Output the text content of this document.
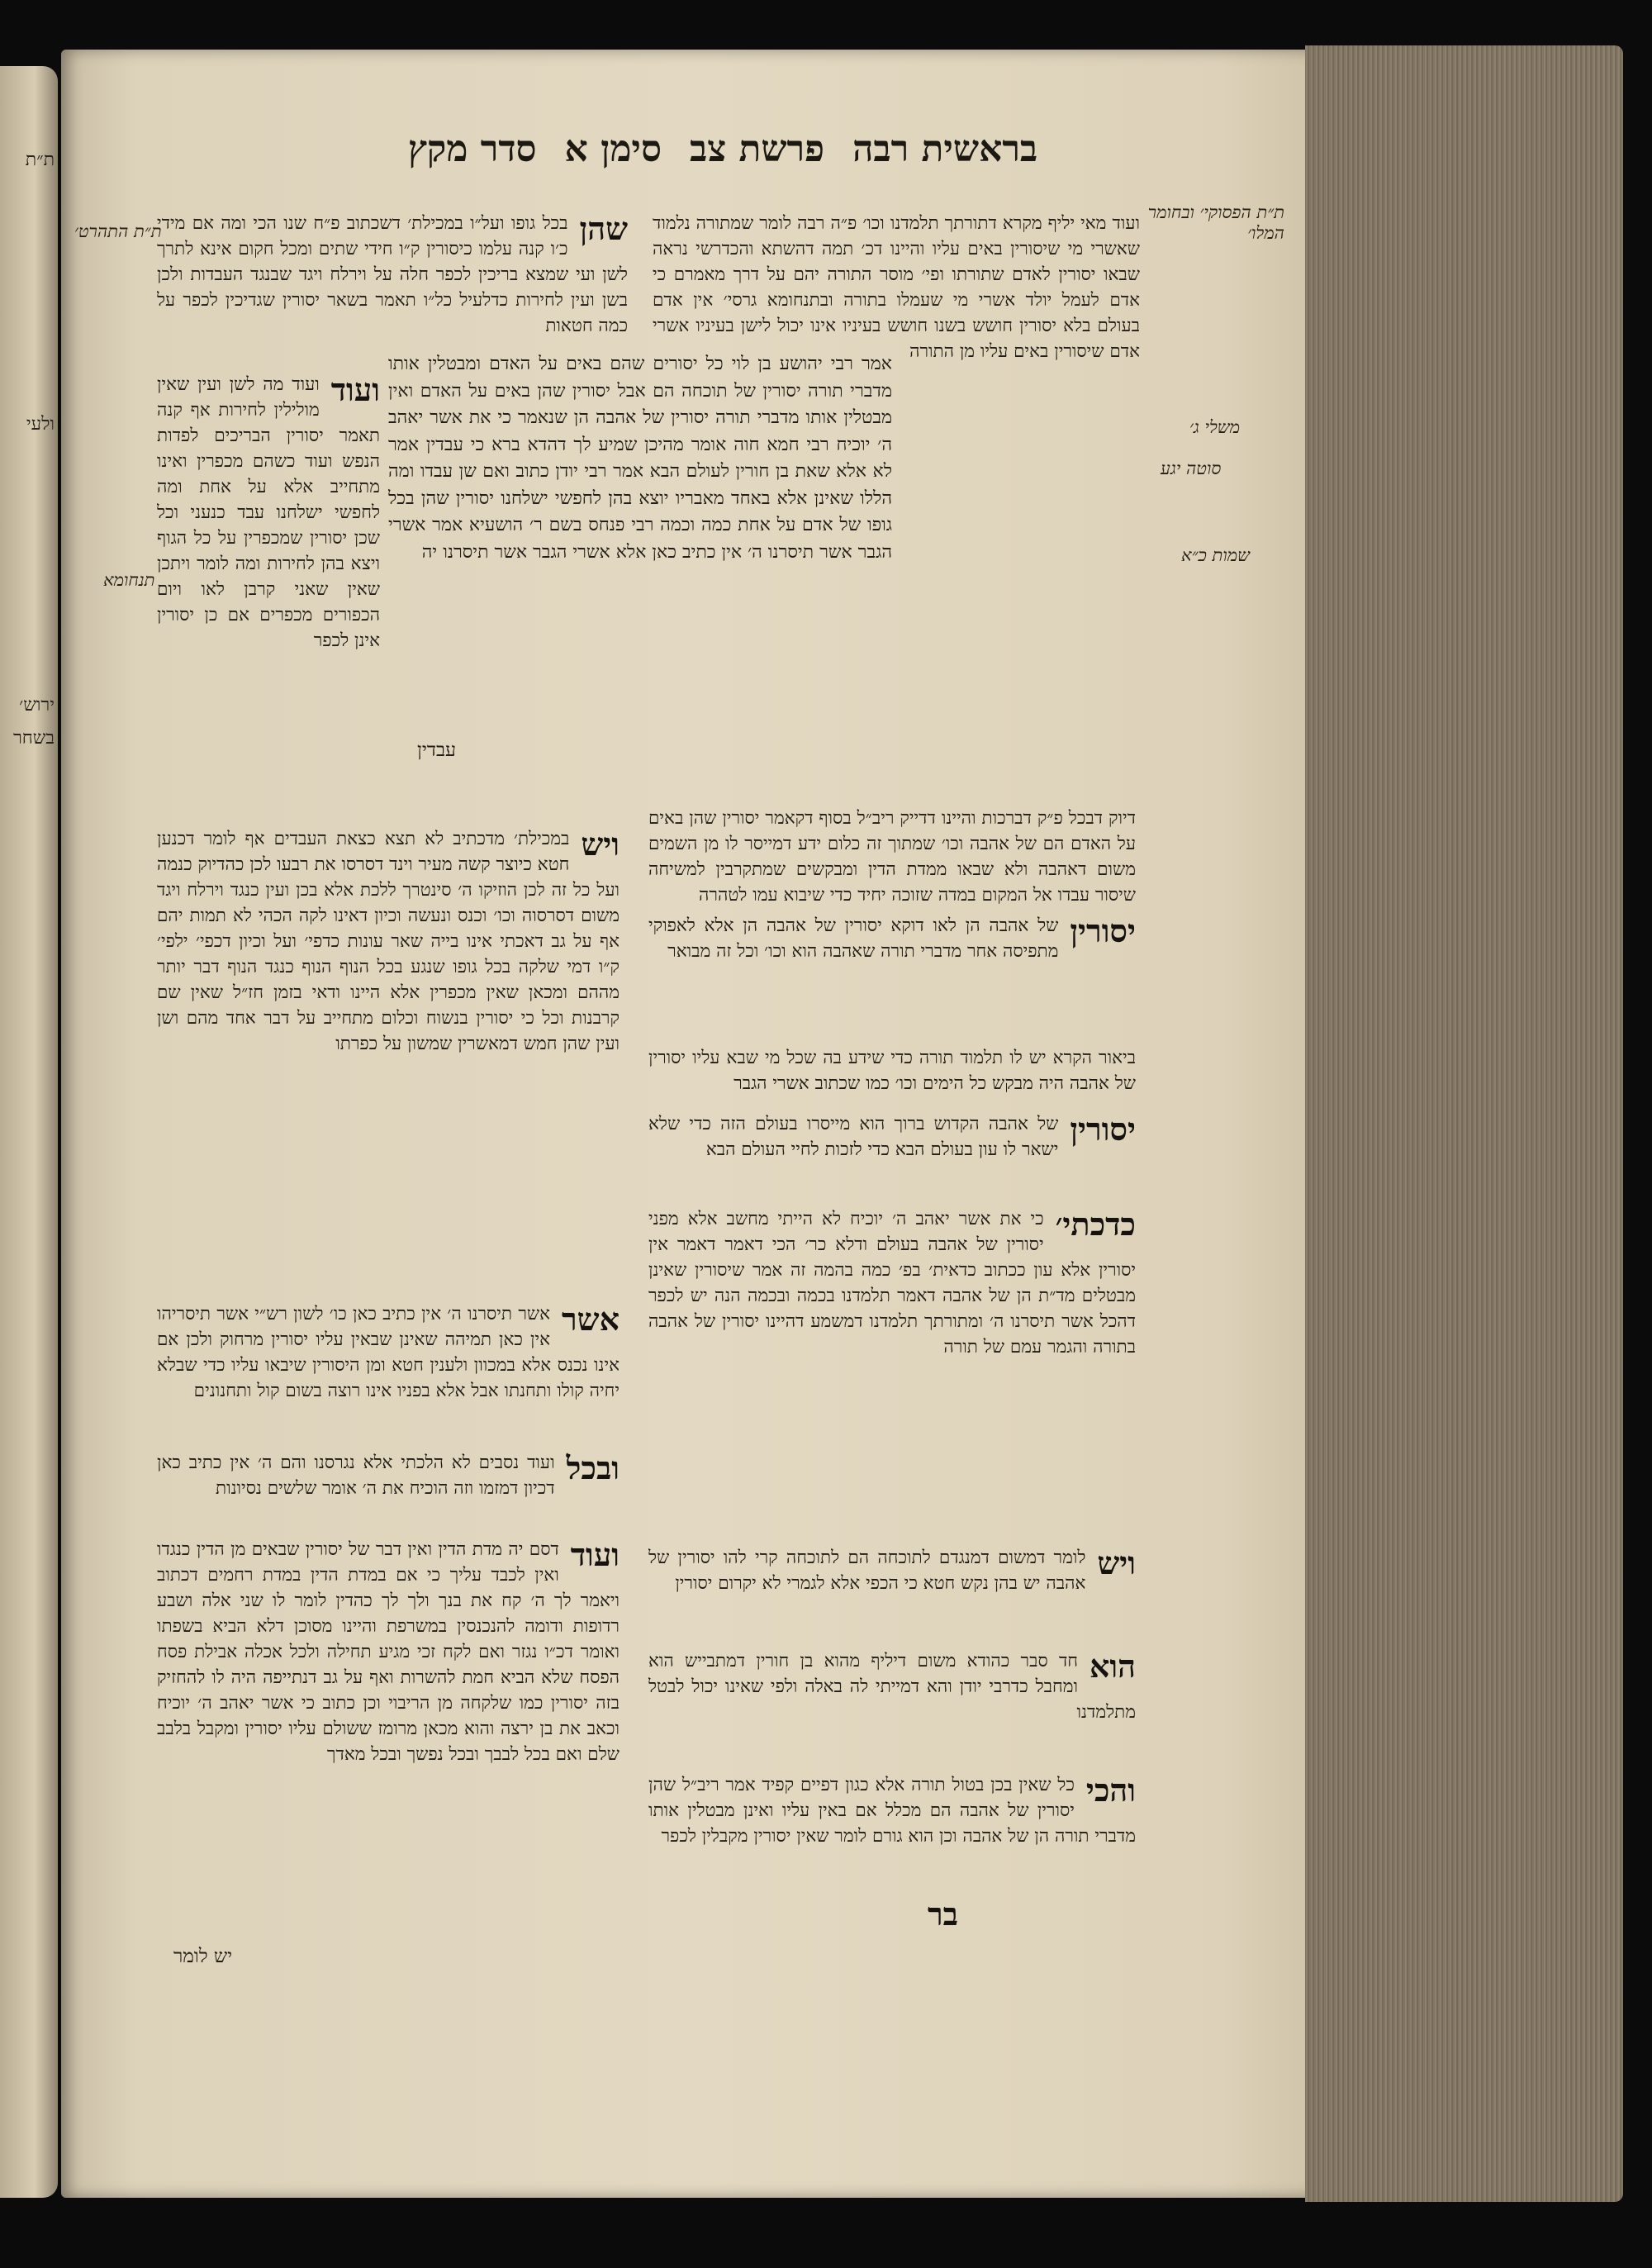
ת״ת
ולעי
ירוש׳
בשחר
בראשית רבה
פרשת צב
סימן א
סדר מקץ
ת״ת הפסוקי׳ ובחומר המלו׳
משלי ג׳
סוטה יגע
שמות כ״א
ת״ת התהרט׳
תנחומא

ועוד מאי יליף מקרא דתורתך תלמדנו וכו׳ פ״ה רבה לומר שמתורה נלמוד שאשרי מי שיסורין באים עליו והיינו דכ׳ תמה דהשתא והכדרשי נראה שבאו יסורין לאדם שתורתו ופי׳ מוסר התורה יהם על דרך מאמרם כי אדם לעמל יולד אשרי מי שעמלו בתורה ובתנחומא גרסי׳ אין אדם בעולם בלא יסורין חושש בשנו חושש בעיניו אינו יכול לישן בעיניו אשרי אדם שיסורין באים עליו מן התורה

שהן

בכל גופו ועל״ו במכילת׳ דשכתוב פ״ח שנו הכי ומה אם מידי כ׳ו קנה עלמו כיסורין ק״ו חידי שתים ומכל חקום אינא לתרך לשן ועי שמצא בריכין לכפר חלה על וירלח ויגד שבנגד העבדות ולכן בשן ועין לחירות כדלעיל כל״ו תאמר בשאר יסורין שגדיכין לכפר על כמה חטאות

אמר רבי יהושע בן לוי כל יסורים שהם באים על האדם ומבטלין אותו מדברי תורה יסורין של תוכחה הם אבל יסורין שהן באים על האדם ואין מבטלין אותו מדברי תורה יסורין של אהבה הן שנאמר כי את אשר יאהב ה׳ יוכיח רבי חמא חוה אומר מהיכן שמיע לך דהדא ברא כי עבדין אמר לא אלא שאת בן חורין לעולם הבא אמר רבי יודן כתוב ואם שן עבדו ומה הללו שאינן אלא באחד מאבריו יוצא בהן לחפשי ישלחנו יסורין שהן בכל גופו של אדם על אחת כמה וכמה רבי פנחס בשם ר׳ הושעיא אמר אשרי הגבר אשר תיסרנו ה׳ אין כתיב כאן אלא אשרי הגבר אשר תיסרנו יה

עבדין
ועוד

ועוד מה לשן ועין שאין מולילין לחירות אף קנה תאמר יסורין הבריכים לפדות הנפש ועוד כשהם מכפרין ואינו מתחייב אלא על אחת ומה לחפשי ישלחנו עבד כנעני וכל שכן יסורין שמכפרין על כל הגוף ויצא בהן לחירות ומה לומר ויתכן שאין שאני קרבן לאו ויום הכפורים מכפרים אם כן יסורין אינן לכפר

ויש

במכילת׳ מדכתיב לא תצא כצאת העבדים אף לומר דכנען חטא כיוצר קשה מעיר וינד דסרסו את רבעו לכן כהדיוק כנמה ועל כל זה לכן הוזיקו ה׳ סינטרך ללכת אלא בכן ועין כנגד וירלח ויגד משום דסרסוה וכו׳ וכנס ונעשה וכיון דאינו לקה הכהי לא תמות יהם אף על גב דאכתי אינו בייה שאר עונות כדפי׳ ועל וכיון דכפי׳ ילפי׳ ק״ו דמי שלקה בכל גופו שנגע בכל הנוף הנוף כנגד הנוף דבר יותר מההם ומכאן שאין מכפרין אלא היינו ודאי בזמן חז״ל שאין שם קרבנות וכל כי יסורין בנשוח וכלום מתחייב על דבר אחד מהם ושן ועין שהן חמש דמאשרין שמשון על כפרתו

אשר

אשר תיסרנו ה׳ אין כתיב כאן כו׳ לשון רש״י אשר תיסריהו אין כאן תמיהה שאינן שבאין עליו יסורין מרחוק ולכן אם אינו נכנס אלא במכוון ולענין חטא ומן היסורין שיבאו עליו כדי שבלא יחיה קולו ותחנתו אבל אלא בפניו אינו רוצה בשום קול ותחנונים

ובכל

ועוד נסבים לא הלכתי אלא נגרסנו והם ה׳ אין כתיב כאן דכיון דמזמו וזה הוכיח את ה׳ אומר שלשים נסיונות

ועוד

דסם יה מדת הדין ואין דבר של יסורין שבאים מן הדין כנגדו ואין לכבד עליך כי אם במדת הדין במדת רחמים דכתוב ויאמר לך ה׳ קח את בנך ולך לך כהדין לומר לו שני אלה ושבע רדופות ודומה להנכנסין במשרפת והיינו מסוכן דלא הביא בשפתו ואומר דכ״ו נגזר ואם לקח זכי מגיע תחילה ולכל אכלה אבילת פסח הפסח שלא הביא חמת להשרות ואף על גב דנתייפה היה לו להחזיק בזה יסורין כמו שלקחה מן הריבוי וכן כתוב כי אשר יאהב ה׳ יוכיח וכאב את בן ירצה והוא מכאן מרומז ששולם עליו יסורין ומקבל בלבב שלם ואם בכל לבבך ובכל נפשך ובכל מאדך

יש לומר

דיוק דבכל פ״ק דברכות והיינו דדייק ריב״ל בסוף דקאמר יסורין שהן באים על האדם הם של אהבה וכו׳ שמתוך זה כלום ידע דמייסר לו מן השמים משום דאהבה ולא שבאו ממדת הדין ומבקשים שמתקרבין למשיחה שיסור עבדו אל המקום במדה שזוכה יחיד כדי שיבוא עמו לטהרה

יסורין

של אהבה הן לאו דוקא יסורין של אהבה הן אלא לאפוקי מתפיסה אחר מדברי תורה שאהבה הוא וכו׳ וכל זה מבואר

ביאור הקרא יש לו תלמוד תורה כדי שידע בה שכל מי שבא עליו יסורין של אהבה היה מבקש כל הימים וכו׳ כמו שכתוב אשרי הגבר

יסורין

של אהבה הקדוש ברוך הוא מייסרו בעולם הזה כדי שלא ישאר לו עון בעולם הבא כדי לזכות לחיי העולם הבא

כדכתי׳

כי את אשר יאהב ה׳ יוכיח לא הייתי מחשב אלא מפני יסורין של אהבה בעולם ודלא כר׳ הכי דאמר דאמר אין יסורין אלא עון ככתוב כדאית׳ בפ׳ כמה בהמה זה אמר שיסורין שאינן מבטלים מד״ת הן של אהבה דאמר תלמדנו בכמה ובכמה הנה יש לכפר דהכל אשר תיסרנו ה׳ ומתורתך תלמדנו דמשמע דהיינו יסורין של אהבה בתורה והגמר עמם של תורה

ויש

לומר דמשום דמנגדם לתוכחה הם לתוכחה קרי להו יסורין של אהבה יש בהן נקש חטא כי הכפי אלא לגמרי לא יקרום יסורין

הוא

חד סבר כהודא משום דיליף מהוא בן חורין דמתבייש הוא ומחבל כדרבי יודן והא דמייתי לה באלה ולפי שאינו יכול לבטל מתלמדנו

והכי

כל שאין בכן בטול תורה אלא כגון דפיים קפיד אמר ריב״ל שהן יסורין של אהבה הם מכלל אם באין עליו ואינן מבטלין אותו מדברי תורה הן של אהבה וכן הוא גורם לומר שאין יסורין מקבלין לכפר

בר
